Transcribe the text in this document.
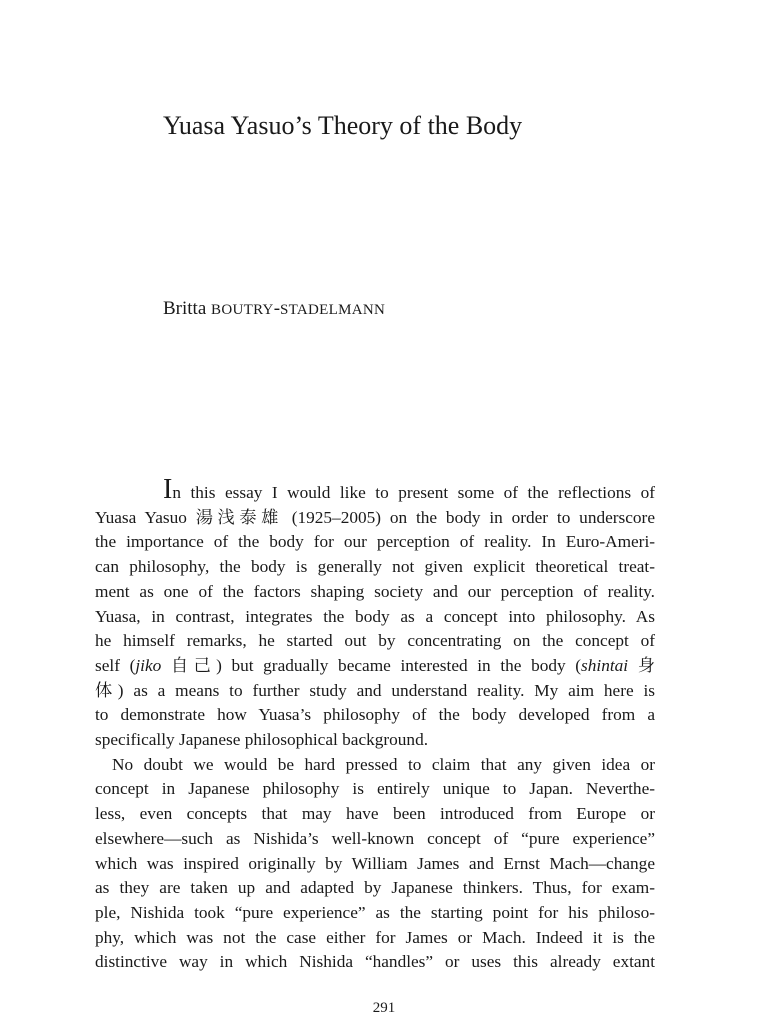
Yuasa Yasuo’s Theory of the Body

Britta BOUTRY-STADELMANN

In this essay I would like to present some of the reflections of
Yuasa Yasuo 湯浅泰雄 (1925–2005) on the body in order to underscore
the importance of the body for our perception of reality. In Euro-Ameri-
can philosophy, the body is generally not given explicit theoretical treat-
ment as one of the factors shaping society and our perception of reality.
Yuasa, in contrast, integrates the body as a concept into philosophy. As
he himself remarks, he started out by concentrating on the concept of
self (jiko 自己) but gradually became interested in the body (shintai 身
体) as a means to further study and understand reality. My aim here is
to demonstrate how Yuasa’s philosophy of the body developed from a
specifically Japanese philosophical background.
No doubt we would be hard pressed to claim that any given idea or
concept in Japanese philosophy is entirely unique to Japan. Neverthe-
less, even concepts that may have been introduced from Europe or
elsewhere—such as Nishida’s well-known concept of “pure experience”
which was inspired originally by William James and Ernst Mach—change
as they are taken up and adapted by Japanese thinkers. Thus, for exam-
ple, Nishida took “pure experience” as the starting point for his philoso-
phy, which was not the case either for James or Mach. Indeed it is the
distinctive way in which Nishida “handles” or uses this already extant
291
